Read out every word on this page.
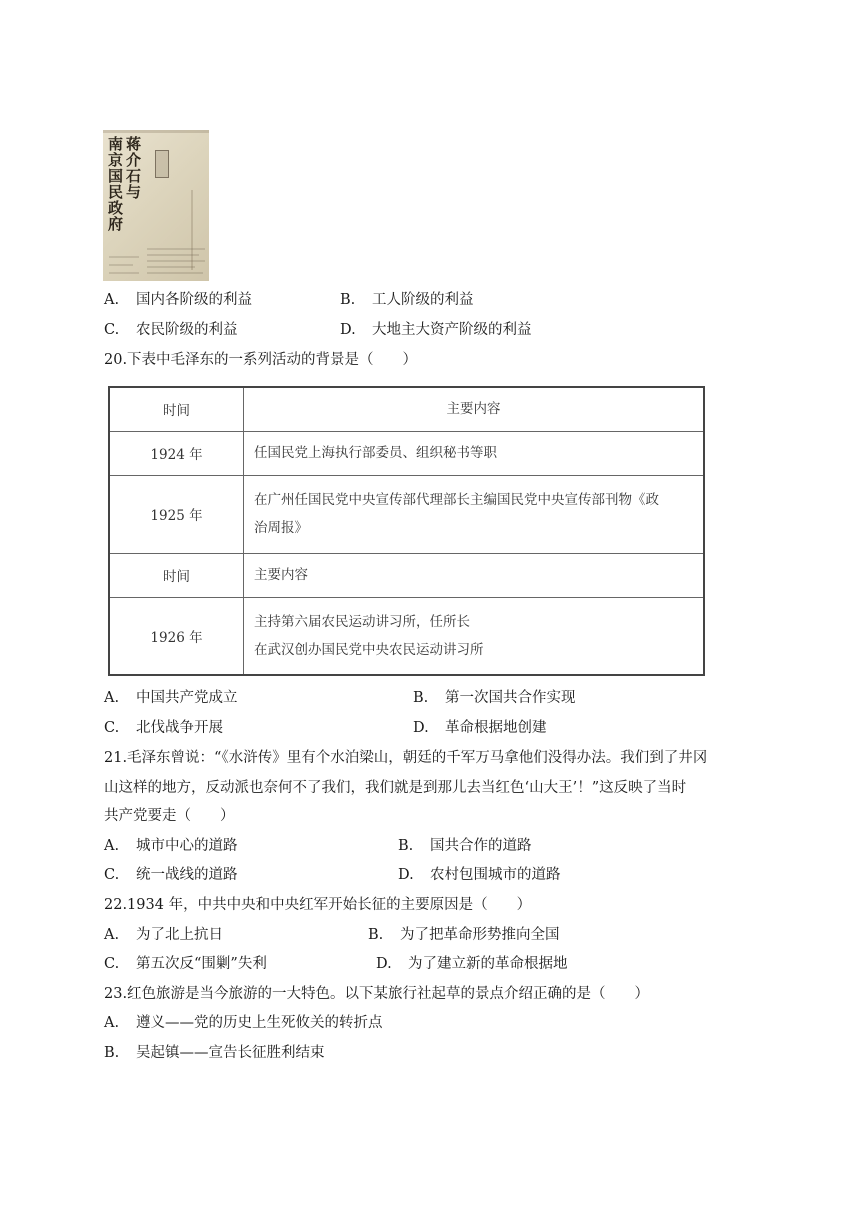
蒋介石与
南京国民政府
A. 国内各阶级的利益	B. 工人阶级的利益
C. 农民阶级的利益	D. 大地主大资产阶级的利益
20.下表中毛泽东的一系列活动的背景是（　　）
时间	主要内容
1924 年	任国民党上海执行部委员、组织秘书等职

1925 年	在广州任国民党中央宣传部代理部长主编国民党中央宣传部刊物《政
治周报》

时间	主要内容

1926 年	主持第六届农民运动讲习所，任所长
在武汉创办国民党中央农民运动讲习所
A. 中国共产党成立	B. 第一次国共合作实现
C. 北伐战争开展	D. 革命根据地创建
21.毛泽东曾说：“《水浒传》里有个水泊梁山，朝廷的千军万马拿他们没得办法。我们到了井冈
山这样的地方，反动派也奈何不了我们，我们就是到那儿去当红色‘山大王’！”这反映了当时
共产党要走（　　）
A. 城市中心的道路	B. 国共合作的道路
C. 统一战线的道路	D. 农村包围城市的道路
22.1934 年，中共中央和中央红军开始长征的主要原因是（　　）
A. 为了北上抗日	B. 为了把革命形势推向全国
C. 第五次反“围剿”失利	D. 为了建立新的革命根据地
23.红色旅游是当今旅游的一大特色。以下某旅行社起草的景点介绍正确的是（　　）
A. 遵义——党的历史上生死攸关的转折点
B. 吴起镇——宣告长征胜利结束
